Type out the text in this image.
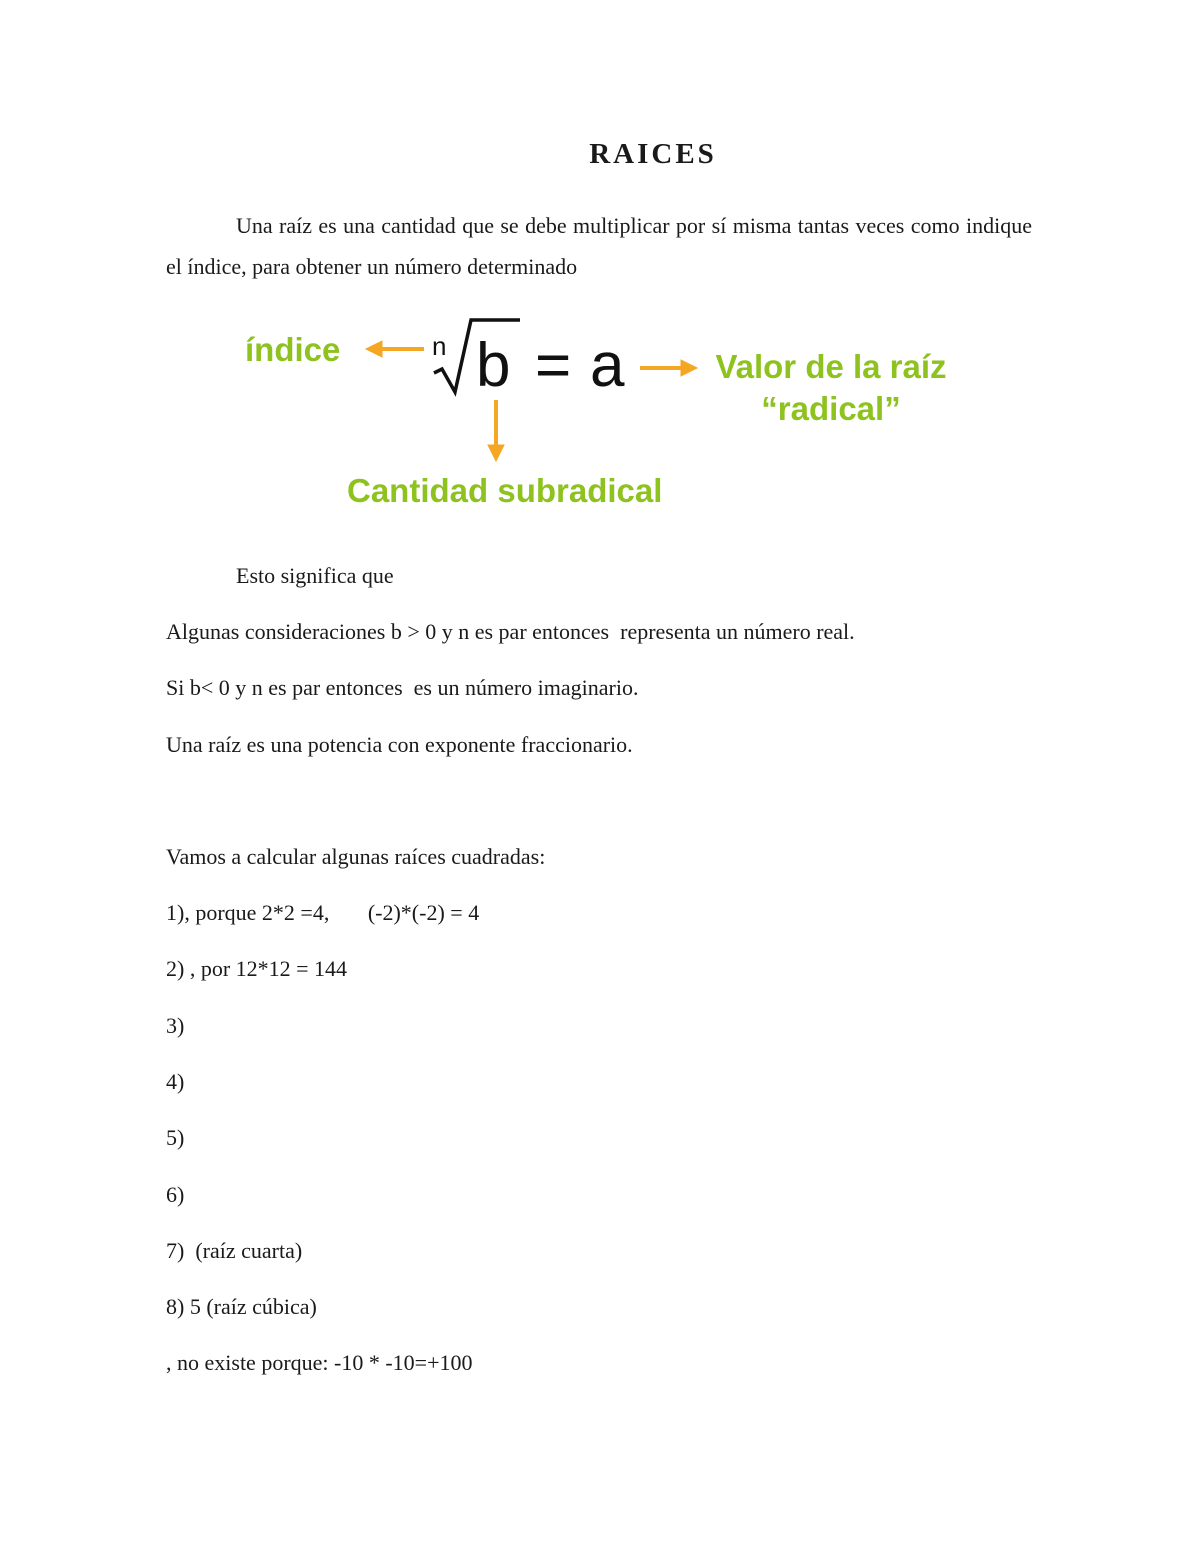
RAICES
Una raíz es una cantidad que se debe multiplicar por sí misma tantas veces como indique el índice, para obtener un número determinado
índice	n b = a	Valor de la raíz
“radical”
Cantidad subradical
Esto significa que
Algunas consideraciones b > 0 y n es par entonces  representa un número real.
Si b< 0 y n es par entonces  es un número imaginario.
Una raíz es una potencia con exponente fraccionario.
Vamos a calcular algunas raíces cuadradas:
1), porque 2*2 =4,       (-2)*(-2) = 4
2) , por 12*12 = 144
3)
4)
5)
6)
7)  (raíz cuarta)
8) 5 (raíz cúbica)
, no existe porque: -10 * -10=+100
